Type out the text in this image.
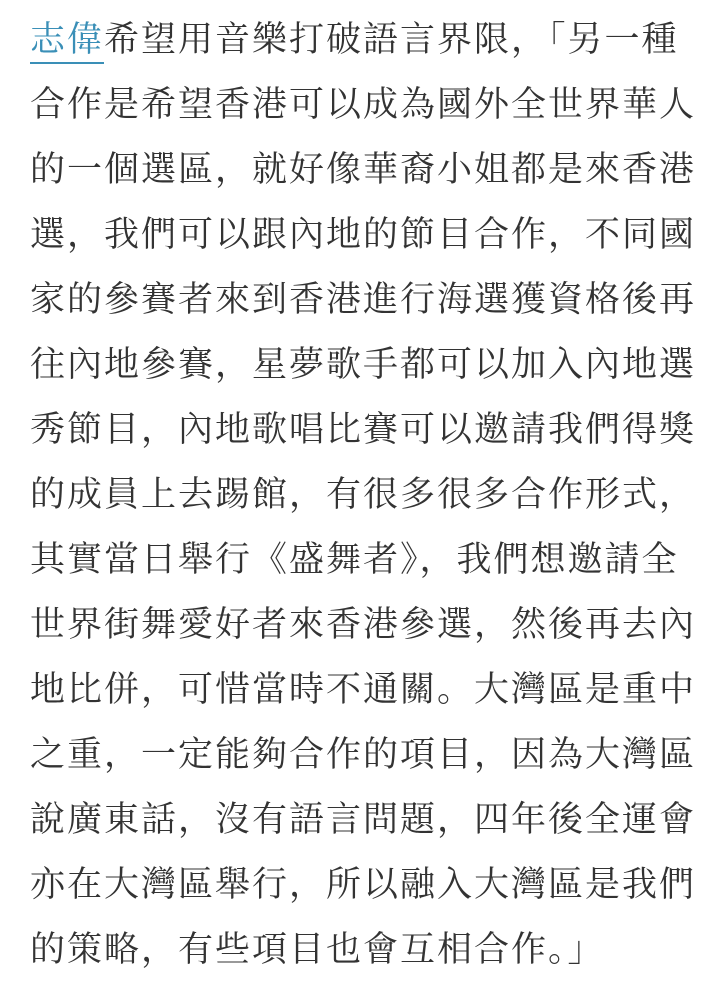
志偉希望用音樂打破語言界限，「另一種
合作是希望香港可以成為國外全世界華人
的一個選區，就好像華裔小姐都是來香港
選，我們可以跟內地的節目合作，不同國
家的參賽者來到香港進行海選獲資格後再
往內地參賽，星夢歌手都可以加入內地選
秀節目，內地歌唱比賽可以邀請我們得獎
的成員上去踢館，有很多很多合作形式，
其實當日舉行《盛舞者》，我們想邀請全
世界街舞愛好者來香港參選，然後再去內
地比併，可惜當時不通關。大灣區是重中
之重，一定能夠合作的項目，因為大灣區
說廣東話，沒有語言問題，四年後全運會
亦在大灣區舉行，所以融入大灣區是我們
的策略，有些項目也會互相合作。」
